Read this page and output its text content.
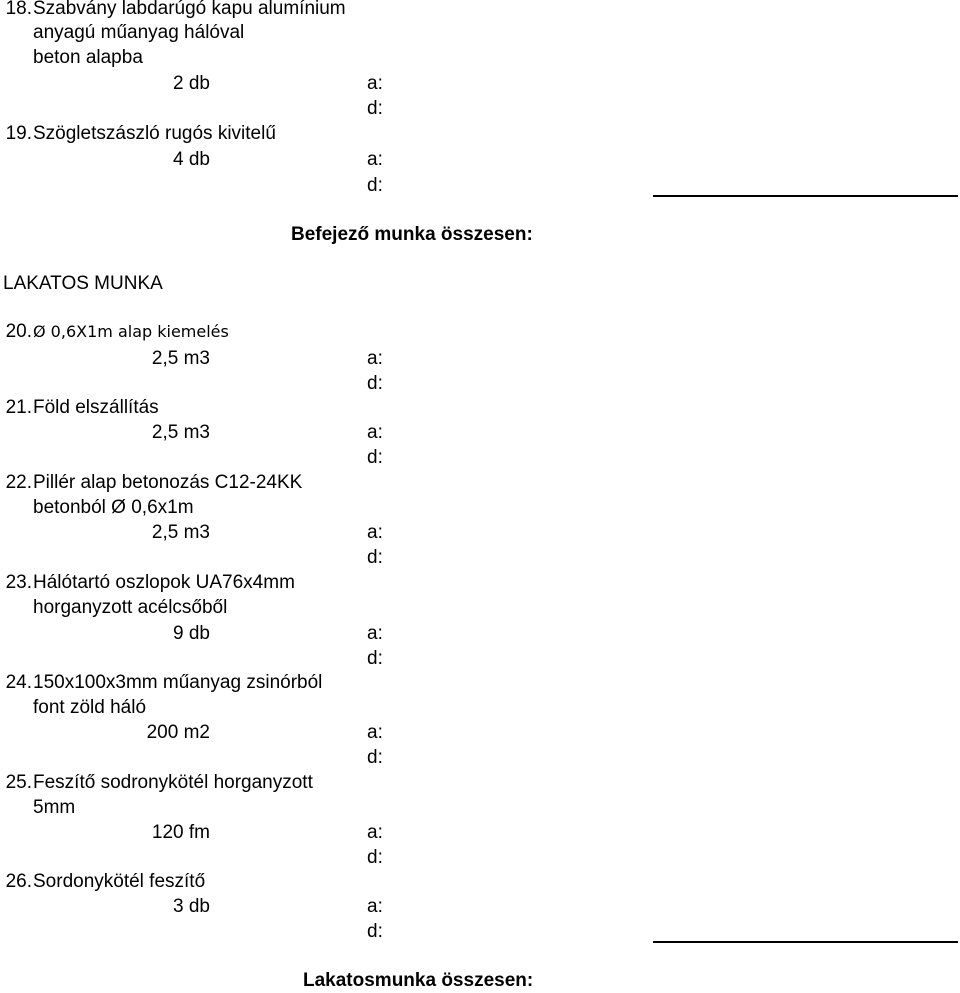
18. Szabvány labdarúgó kapu alumínium
anyagú műanyag hálóval
beton alapba
2 db	a:
d:
19. Szögletszászló rugós kivitelű
4 db	a:
d:
Befejező munka összesen:
LAKATOS MUNKA
20. Ø 0,6X1m alap kiemelés
2,5 m3	a:
d:
21. Föld elszállítás
2,5 m3	a:
d:
22. Pillér alap betonozás C12-24KK
betonból Ø 0,6x1m
2,5 m3	a:
d:
23. Hálótartó oszlopok UA76x4mm
horganyzott acélcsőből
9 db	a:
d:
24. 150x100x3mm műanyag zsinórból
font zöld háló
200 m2	a:
d:
25. Feszítő sodronykötél horganyzott
5mm
120 fm	a:
d:
26. Sordonykötél feszítő
3 db	a:
d:
Lakatosmunka összesen:
